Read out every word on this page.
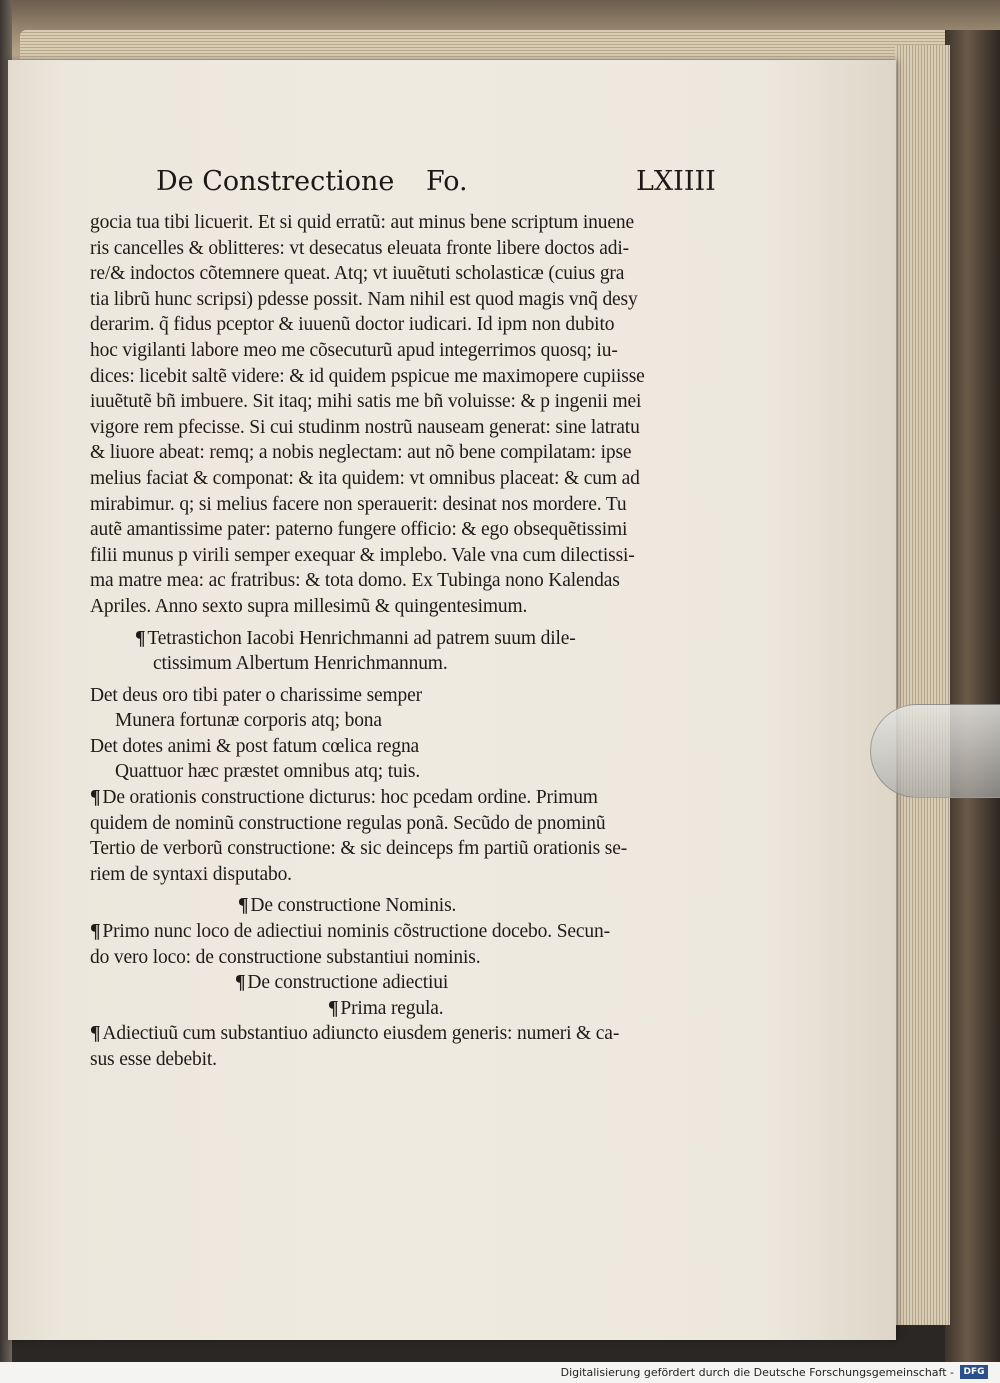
De Constrectione Fo.	LXIIII
gocia tua tibi licuerit. Et si quid erratũ: aut minus bene scriptum inuene
ris cancelles & oblitteres: vt desecatus eleuata fronte libere doctos adi-
re/& indoctos cõtemnere queat. Atq; vt iuuẽtuti scholasticæ (cuius gra
tia librũ hunc scripsi) pdesse possit. Nam nihil est quod magis vnq̃ desy
derarim. q̃ fidus pceptor & iuuenũ doctor iudicari. Id ipm non dubito
hoc vigilanti labore meo me cõsecuturũ apud integerrimos quosq; iu-
dices: licebit saltẽ videre: & id quidem pspicue me maximopere cupiisse
iuuẽtutẽ bñ imbuere. Sit itaq; mihi satis me bñ voluisse: & p ingenii mei
vigore rem pfecisse. Si cui studinm nostrũ nauseam generat: sine latratu
& liuore abeat: remq; a nobis neglectam: aut nõ bene compilatam: ipse
melius faciat & componat: & ita quidem: vt omnibus placeat: & cum ad
mirabimur. q; si melius facere non sperauerit: desinat nos mordere. Tu
autẽ amantissime pater: paterno fungere officio: & ego obsequẽtissimi
filii munus p virili semper exequar & implebo. Vale vna cum dilectissi-
ma matre mea: ac fratribus: & tota domo. Ex Tubinga nono Kalendas
Apriles. Anno sexto supra millesimũ & quingentesimum.
¶ Tetrastichon Iacobi Henrichmanni ad patrem suum dile-
ctissimum Albertum Henrichmannum.
Det deus oro tibi pater o charissime semper
Munera fortunæ corporis atq; bona
Det dotes animi & post fatum cœlica regna
Quattuor hæc præstet omnibus atq; tuis.
¶ De orationis constructione dicturus: hoc pcedam ordine. Primum
quidem de nominũ constructione regulas ponã. Secũdo de pnominũ
Tertio de verborũ constructione: & sic deinceps fm partiũ orationis se-
riem de syntaxi disputabo.
¶ De constructione Nominis.
¶ Primo nunc loco de adiectiui nominis cõstructione docebo. Secun-
do vero loco: de constructione substantiui nominis.
¶ De constructione adiectiui
¶ Prima regula.
¶ Adiectiuũ cum substantiuo adiuncto eiusdem generis: numeri & ca-
sus esse debebit.
Digitalisierung gefördert durch die Deutsche Forschungsgemeinschaft -	DFG
